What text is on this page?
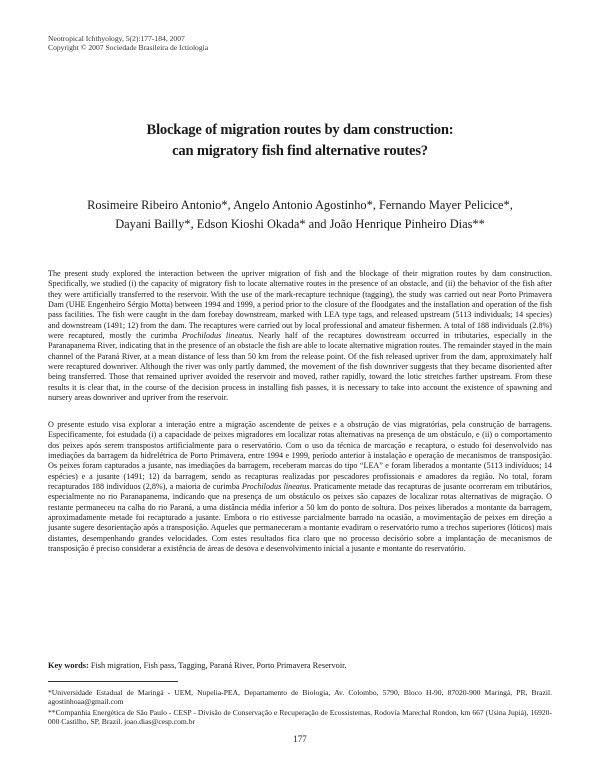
Neotropical Ichthyology, 5(2):177-184, 2007
Copyright © 2007 Sociedade Brasileira de Ictiologia
Blockage of migration routes by dam construction:
can migratory fish find alternative routes?
Rosimeire Ribeiro Antonio*, Angelo Antonio Agostinho*, Fernando Mayer Pelicice*,
Dayani Bailly*, Edson Kioshi Okada* and João Henrique Pinheiro Dias**

The present study explored the interaction between the upriver migration of fish and the blockage of their migration routes by dam construction. Specifically, we studied (i) the capacity of migratory fish to locate alternative routes in the presence of an obstacle, and (ii) the behavior of the fish after they were artificially transferred to the reservoir. With the use of the mark-recapture technique (tagging), the study was carried out near Porto Primavera Dam (UHE Engenheiro Sérgio Motta) between 1994 and 1999, a period prior to the closure of the floodgates and the installation and operation of the fish pass facilities. The fish were caught in the dam forebay downstream, marked with LEA type tags, and released upstream (5113 individuals; 14 species) and downstream (1491; 12) from the dam. The recaptures were carried out by local professional and amateur fishermen. A total of 188 individuals (2.8%) were recaptured, mostly the curimba Prochilodus lineatus. Nearly half of the recaptures downstream occurred in tributaries, especially in the Paranapanema River, indicating that in the presence of an obstacle the fish are able to locate alternative migration routes. The remainder stayed in the main channel of the Paraná River, at a mean distance of less than 50 km from the release point. Of the fish released upriver from the dam, approximately half were recaptured downriver. Although the river was only partly dammed, the movement of the fish downriver suggests that they became disoriented after being transferred. Those that remained upriver avoided the reservoir and moved, rather rapidly, toward the lotic stretches farther upstream. From these results it is clear that, in the course of the decision process in installing fish passes, it is necessary to take into account the existence of spawning and nursery areas downriver and upriver from the reservoir.

O presente estudo visa explorar a interação entre a migração ascendente de peixes e a obstrução de vias migratórias, pela construção de barragens. Especificamente, foi estudada (i) a capacidade de peixes migradores em localizar rotas alternativas na presença de um obstáculo, e (ii) o comportamento dos peixes após serem transpostos artificialmente para o reservatório. Com o uso da técnica de marcação e recaptura, o estudo foi desenvolvido nas imediações da barragem da hidrelétrica de Porto Primavera, entre 1994 e 1999, período anterior à instalação e operação de mecanismos de transposição. Os peixes foram capturados a jusante, nas imediações da barragem, receberam marcas do tipo “LEA” e foram liberados a montante (5113 indivíduos; 14 espécies) e a jusante (1491; 12) da barragem, sendo as recapturas realizadas por pescadores profissionais e amadores da região. No total, foram recapturados 188 indivíduos (2,8%), a maioria de curimba Prochilodus lineatus. Praticamente metade das recapturas de jusante ocorreram em tributários, especialmente no rio Paranapanema, indicando que na presença de um obstáculo os peixes são capazes de localizar rotas alternativas de migração. O restante permaneceu na calha do rio Paraná, a uma distância média inferior a 50 km do ponto de soltura. Dos peixes liberados a montante da barragem, aproximadamente metade foi recapturado a jusante. Embora o rio estivesse parcialmente barrado na ocasião, a movimentação de peixes em direção a jusante sugere desorientação após a transposição. Aqueles que permaneceram a montante evadiram o reservatório rumo a trechos superiores (lóticos) mais distantes, desempenhando grandes velocidades. Com estes resultados fica claro que no processo decisório sobre a implantação de mecanismos de transposição é preciso considerar a existência de áreas de desova e desenvolvimento inicial a jusante e montante do reservatório.

Key words: Fish migration, Fish pass, Tagging, Paraná River, Porto Primavera Reservoir.

*Universidade Estadual de Maringá - UEM, Nupelia-PEA, Departamento de Biologia, Av. Colombo, 5790, Bloco H-90, 87020-900 Maringá, PR, Brazil. agostinhoaa@gmail.com

**Companhia Energética de São Paulo - CESP - Divisão de Conservação e Recuperação de Ecossistemas, Rodovia Marechal Rondon, km 667 (Usina Jupiá), 16920-000 Castilho, SP, Brazil. joao.dias@cesp.com.br

177
